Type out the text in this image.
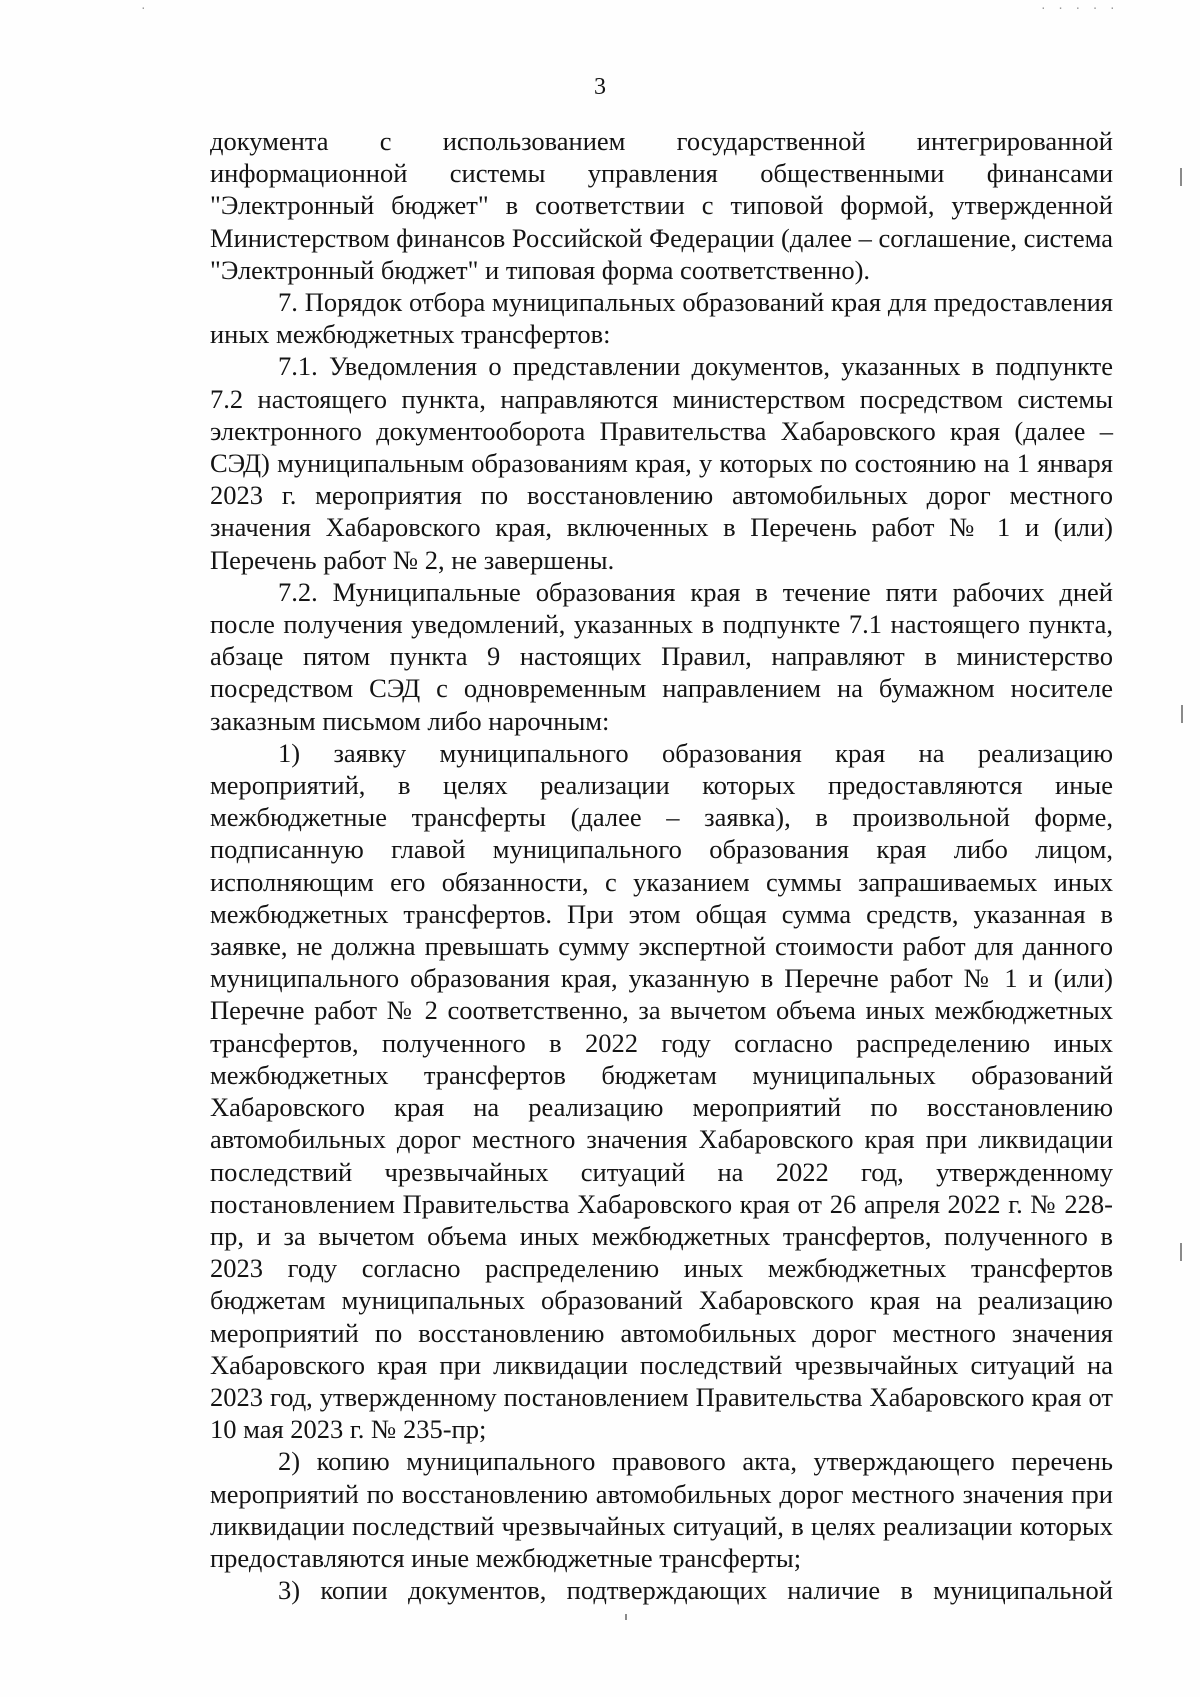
· · · · ·
·
3

документа с использованием государственной интегрированной информационной системы управления общественными финансами "Электронный бюджет" в соответствии с типовой формой, утвержденной Министерством финансов Российской Федерации (далее – соглашение, система "Электронный бюджет" и типовая форма соответственно).

7. Порядок отбора муниципальных образований края для предоставления иных межбюджетных трансфертов:

7.1. Уведомления о представлении документов, указанных в подпункте 7.2 настоящего пункта, направляются министерством посредством системы электронного документооборота Правительства Хабаровского края (далее – СЭД) муниципальным образованиям края, у которых по состоянию на 1 января 2023 г. мероприятия по восстановлению автомобильных дорог местного значения Хабаровского края, включенных в Перечень работ № 1 и (или) Перечень работ № 2, не завершены.

7.2. Муниципальные образования края в течение пяти рабочих дней после получения уведомлений, указанных в подпункте 7.1 настоящего пункта, абзаце пятом пункта 9 настоящих Правил, направляют в министерство посредством СЭД с одновременным направлением на бумажном носителе заказным письмом либо нарочным:

1) заявку муниципального образования края на реализацию мероприятий, в целях реализации которых предоставляются иные межбюджетные трансферты (далее – заявка), в произвольной форме, подписанную главой муниципального образования края либо лицом, исполняющим его обязанности, с указанием суммы запрашиваемых иных межбюджетных трансфертов. При этом общая сумма средств, указанная в заявке, не должна превышать сумму экспертной стоимости работ для данного муниципального образования края, указанную в Перечне работ № 1 и (или) Перечне работ № 2 соответственно, за вычетом объема иных межбюджетных трансфертов, полученного в 2022 году согласно распределению иных межбюджетных трансфертов бюджетам муниципальных образований Хабаровского края на реализацию мероприятий по восстановлению автомобильных дорог местного значения Хабаровского края при ликвидации последствий чрезвычайных ситуаций на 2022 год, утвержденному постановлением Правительства Хабаровского края от 26 апреля 2022 г. № 228-пр, и за вычетом объема иных межбюджетных трансфертов, полученного в 2023 году согласно распределению иных межбюджетных трансфертов бюджетам муниципальных образований Хабаровского края на реализацию мероприятий по восстановлению автомобильных дорог местного значения Хабаровского края при ликвидации последствий чрезвычайных ситуаций на 2023 год, утвержденному постановлением Правительства Хабаровского края от 10 мая 2023 г. № 235-пр;

2) копию муниципального правового акта, утверждающего перечень мероприятий по восстановлению автомобильных дорог местного значения при ликвидации последствий чрезвычайных ситуаций, в целях реализации которых предоставляются иные межбюджетные трансферты;

3) копии документов, подтверждающих наличие в муниципальной
